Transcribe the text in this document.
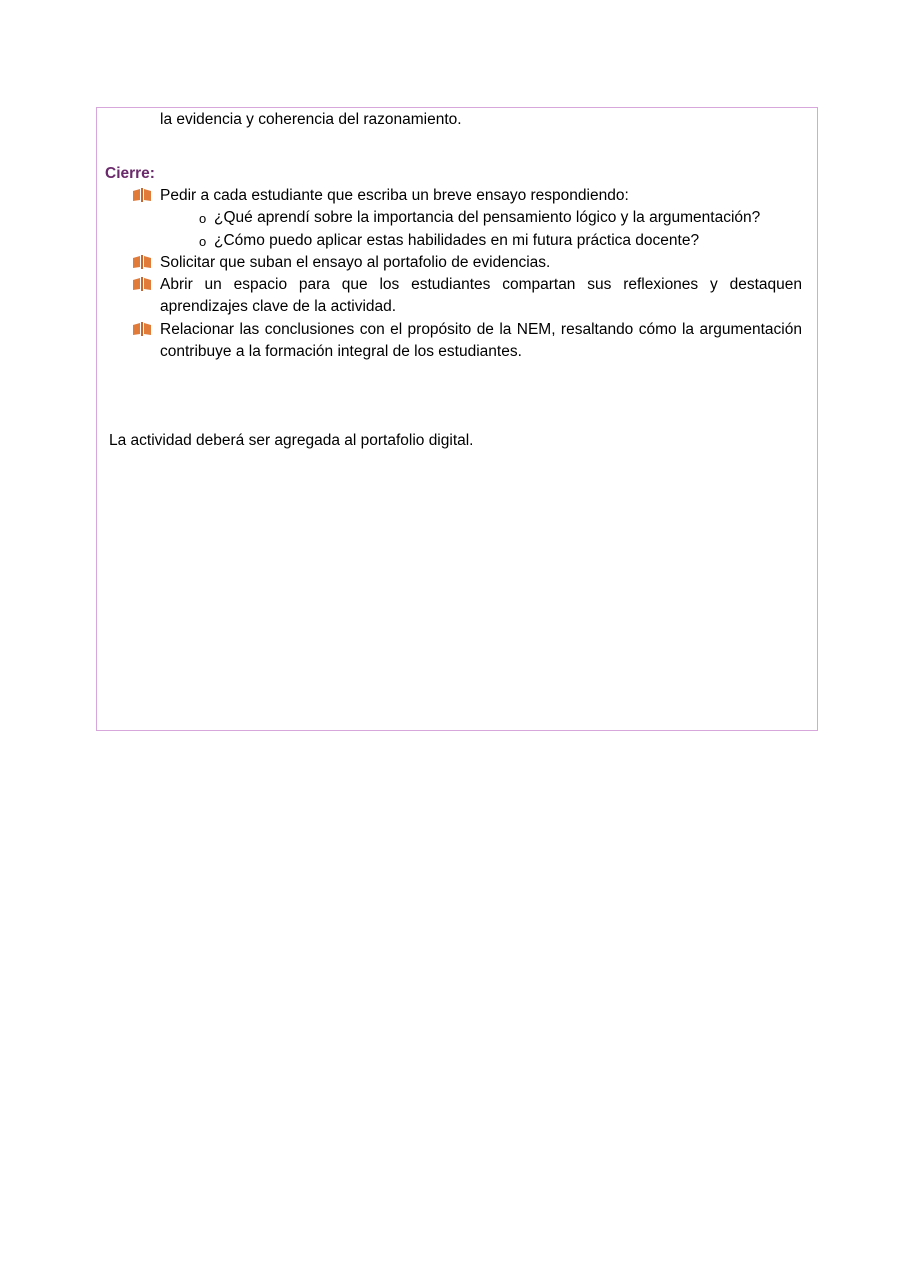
la evidencia y coherencia del razonamiento.
Cierre:
Pedir a cada estudiante que escriba un breve ensayo respondiendo:
o ¿Qué aprendí sobre la importancia del pensamiento lógico y la argumentación?
o ¿Cómo puedo aplicar estas habilidades en mi futura práctica docente?
Solicitar que suban el ensayo al portafolio de evidencias.
Abrir un espacio para que los estudiantes compartan sus reflexiones y destaquen aprendizajes clave de la actividad.
Relacionar las conclusiones con el propósito de la NEM, resaltando cómo la argumentación contribuye a la formación integral de los estudiantes.
La actividad deberá ser agregada al portafolio digital.
